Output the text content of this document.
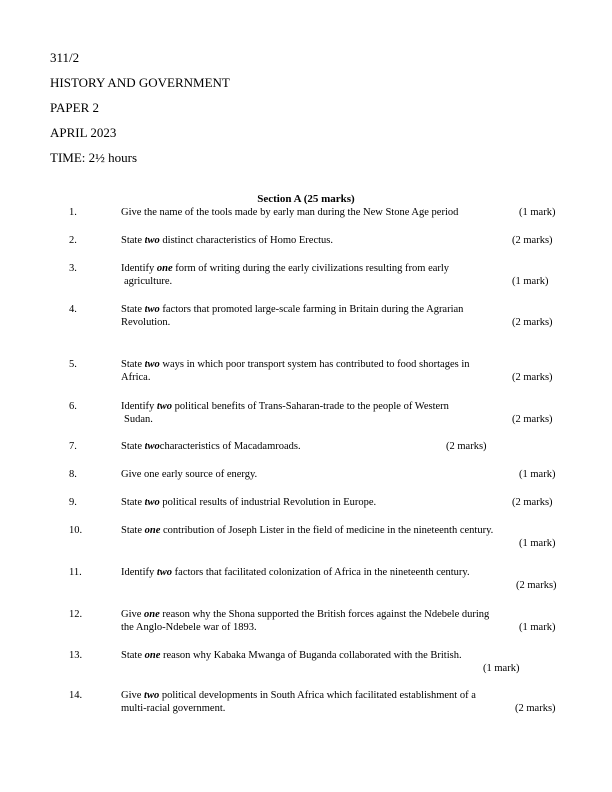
311/2
HISTORY AND GOVERNMENT
PAPER 2
APRIL 2023
TIME: 2½ hours
Section A (25 marks)
1.	Give the name of the tools made by early man during the New Stone Age period	(1 mark)
2.	State two distinct characteristics of Homo Erectus.	(2 marks)
3.	Identify one form of writing during the early civilizations resulting from early
agriculture.	(1 mark)
4.	State two factors that promoted large-scale farming in Britain during the Agrarian
Revolution.	(2 marks)
5.	State two ways in which poor transport system has contributed to food shortages in
Africa.	(2 marks)
6.	Identify two political benefits of Trans-Saharan-trade to the people of Western
Sudan.	(2 marks)
7.	State twocharacteristics of Macadamroads.	(2 marks)
8.	Give one early source of energy.	(1 mark)
9.	State two political results of industrial Revolution in Europe.	(2 marks)
10.	State one contribution of Joseph Lister in the field of medicine in the nineteenth century.
(1 mark)
11.	Identify two factors that facilitated colonization of Africa in the nineteenth century.
(2 marks)
12.	Give one reason why the Shona supported the British forces against the Ndebele during
the Anglo-Ndebele war of 1893.	(1 mark)
13.	State one reason why Kabaka Mwanga of Buganda collaborated with the British.
(1 mark)
14.	Give two political developments in South Africa which facilitated establishment of a
multi-racial government.	(2 marks)
